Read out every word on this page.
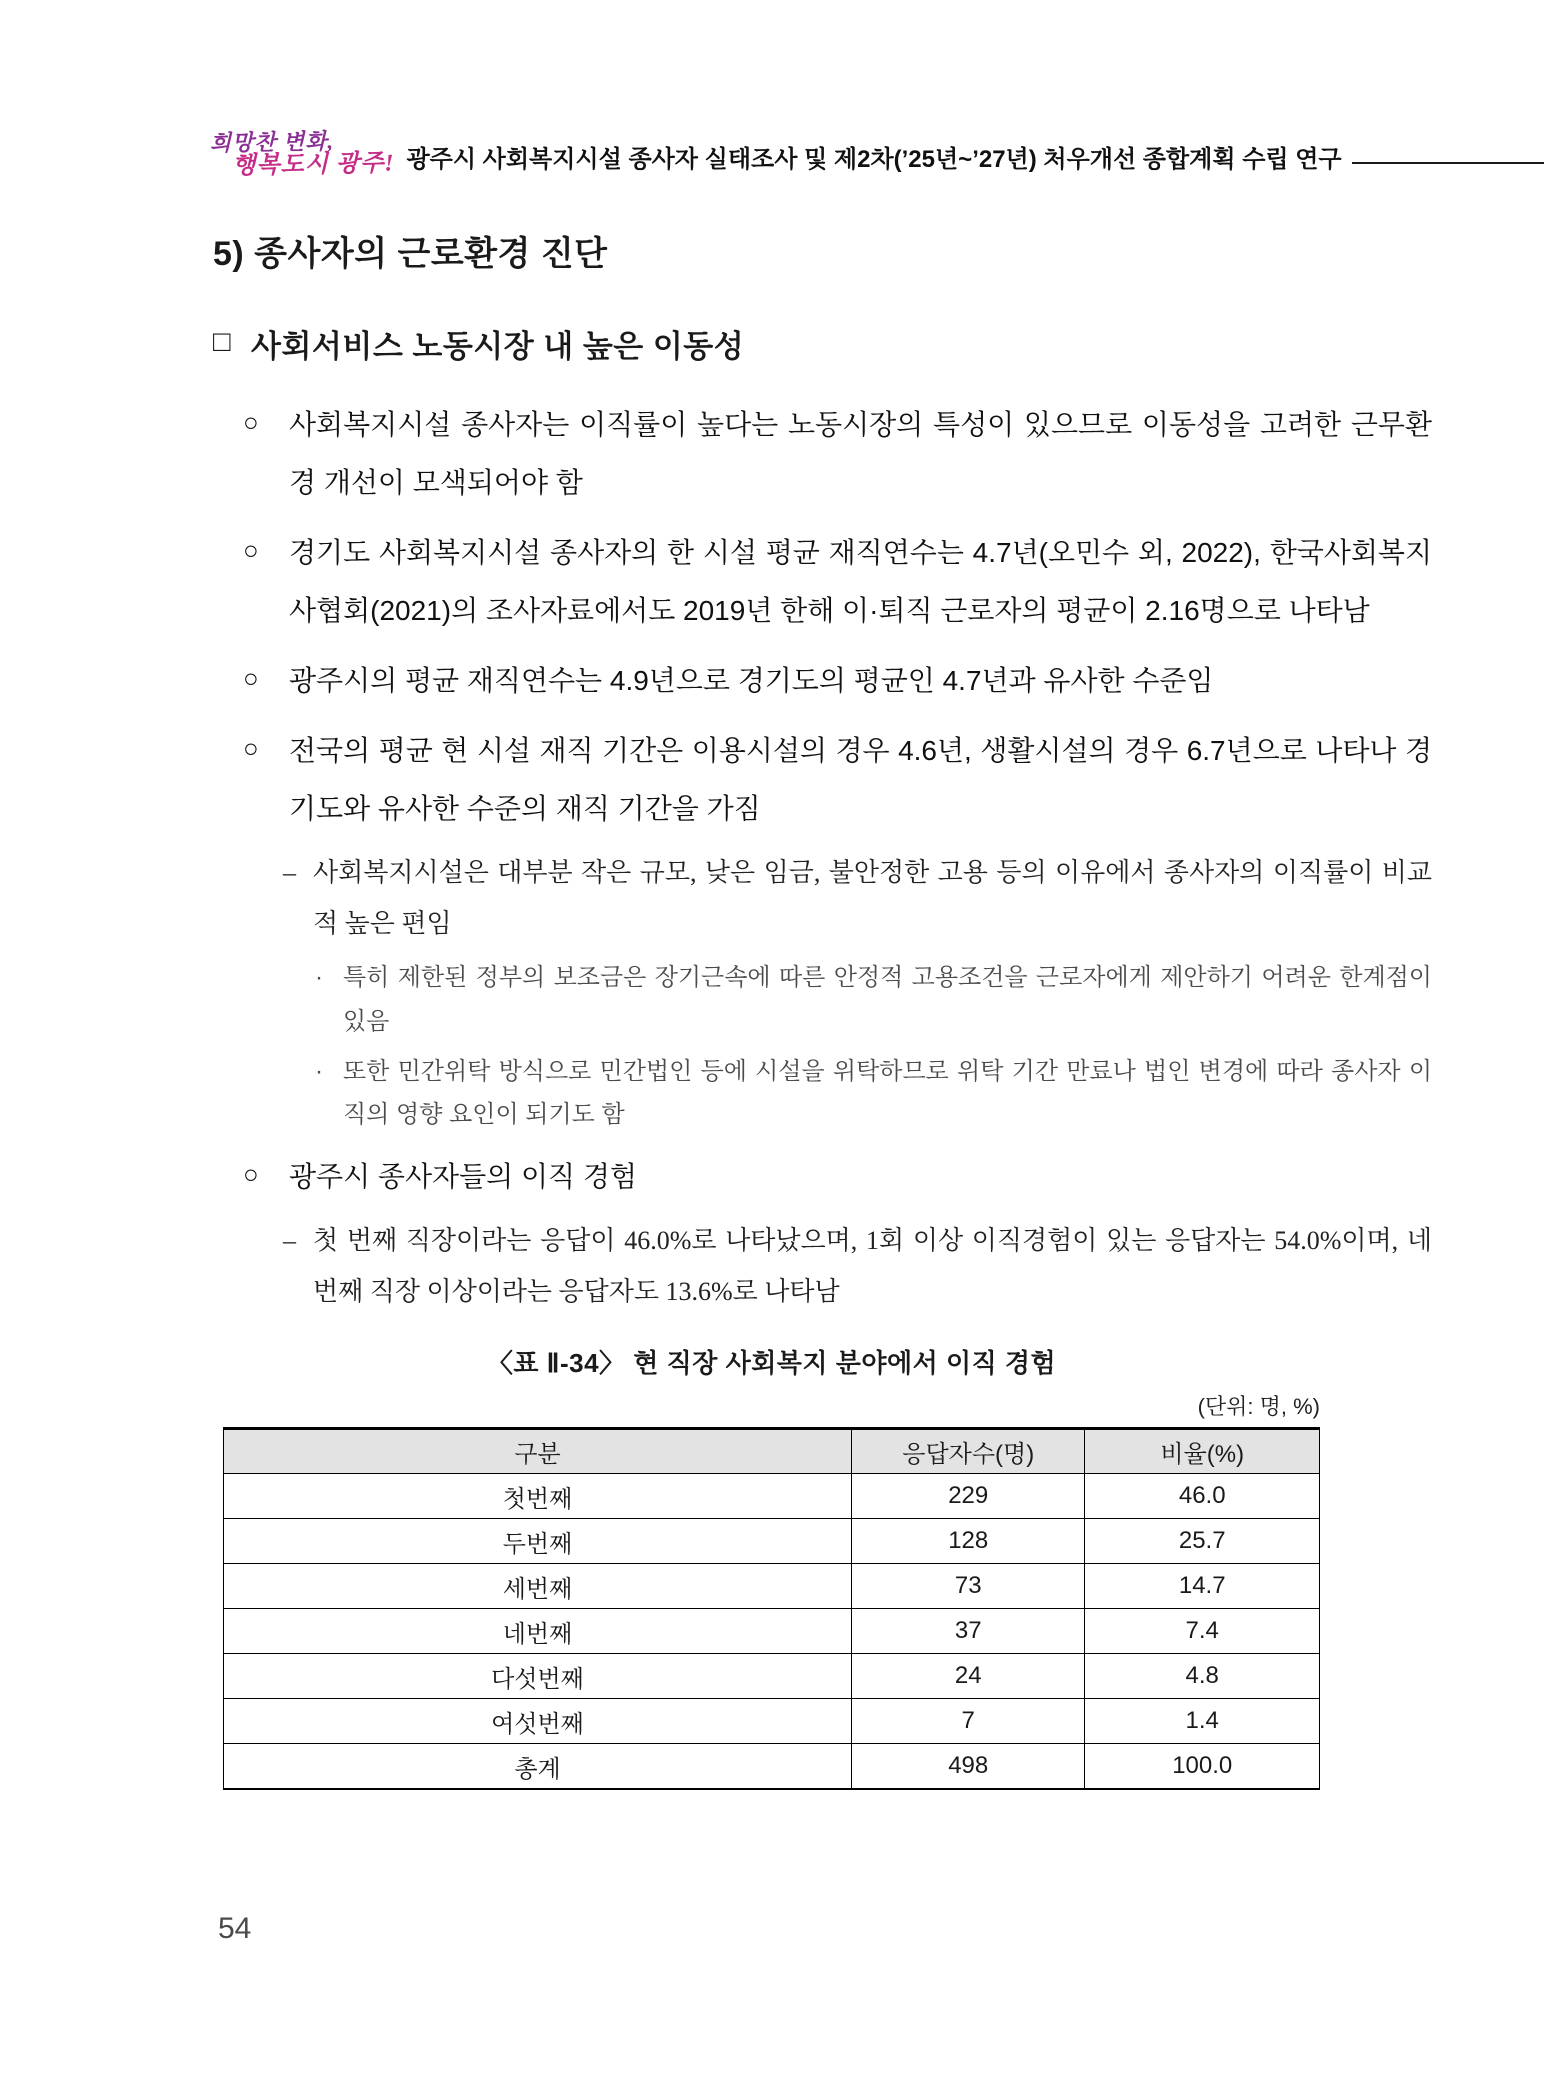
희망찬 변화,
행복도시 광주! 광주시 사회복지시설 종사자 실태조사 및 제2차(’25년~’27년) 처우개선 종합계획 수립 연구
5) 종사자의 근로환경 진단
□ 사회서비스 노동시장 내 높은 이동성
○	사회복지시설 종사자는 이직률이 높다는 노동시장의 특성이 있으므로 이동성을 고려한 근무환경 개선이 모색되어야 함
○	경기도 사회복지시설 종사자의 한 시설 평균 재직연수는 4.7년(오민수 외, 2022), 한국사회복지사협회(2021)의 조사자료에서도 2019년 한해 이·퇴직 근로자의 평균이 2.16명으로 나타남
○	광주시의 평균 재직연수는 4.9년으로 경기도의 평균인 4.7년과 유사한 수준임
○	전국의 평균 현 시설 재직 기간은 이용시설의 경우 4.6년, 생활시설의 경우 6.7년으로 나타나 경기도와 유사한 수준의 재직 기간을 가짐
– 사회복지시설은 대부분 작은 규모, 낮은 임금, 불안정한 고용 등의 이유에서 종사자의 이직률이 비교적 높은 편임
· 특히 제한된 정부의 보조금은 장기근속에 따른 안정적 고용조건을 근로자에게 제안하기 어려운 한계점이 있음
· 또한 민간위탁 방식으로 민간법인 등에 시설을 위탁하므로 위탁 기간 만료나 법인 변경에 따라 종사자 이직의 영향 요인이 되기도 함
○	광주시 종사자들의 이직 경험
– 첫 번째 직장이라는 응답이 46.0%로 나타났으며, 1회 이상 이직경험이 있는 응답자는 54.0%이며, 네 번째 직장 이상이라는 응답자도 13.6%로 나타남
〈표 Ⅱ-34〉 현 직장 사회복지 분야에서 이직 경험
(단위: 명, %)
구분	응답자수(명)	비율(%)
첫번째	229	46.0
두번째	128	25.7
세번째	73	14.7
네번째	37	7.4
다섯번째	24	4.8
여섯번째	7	1.4
총계	498	100.0
54
